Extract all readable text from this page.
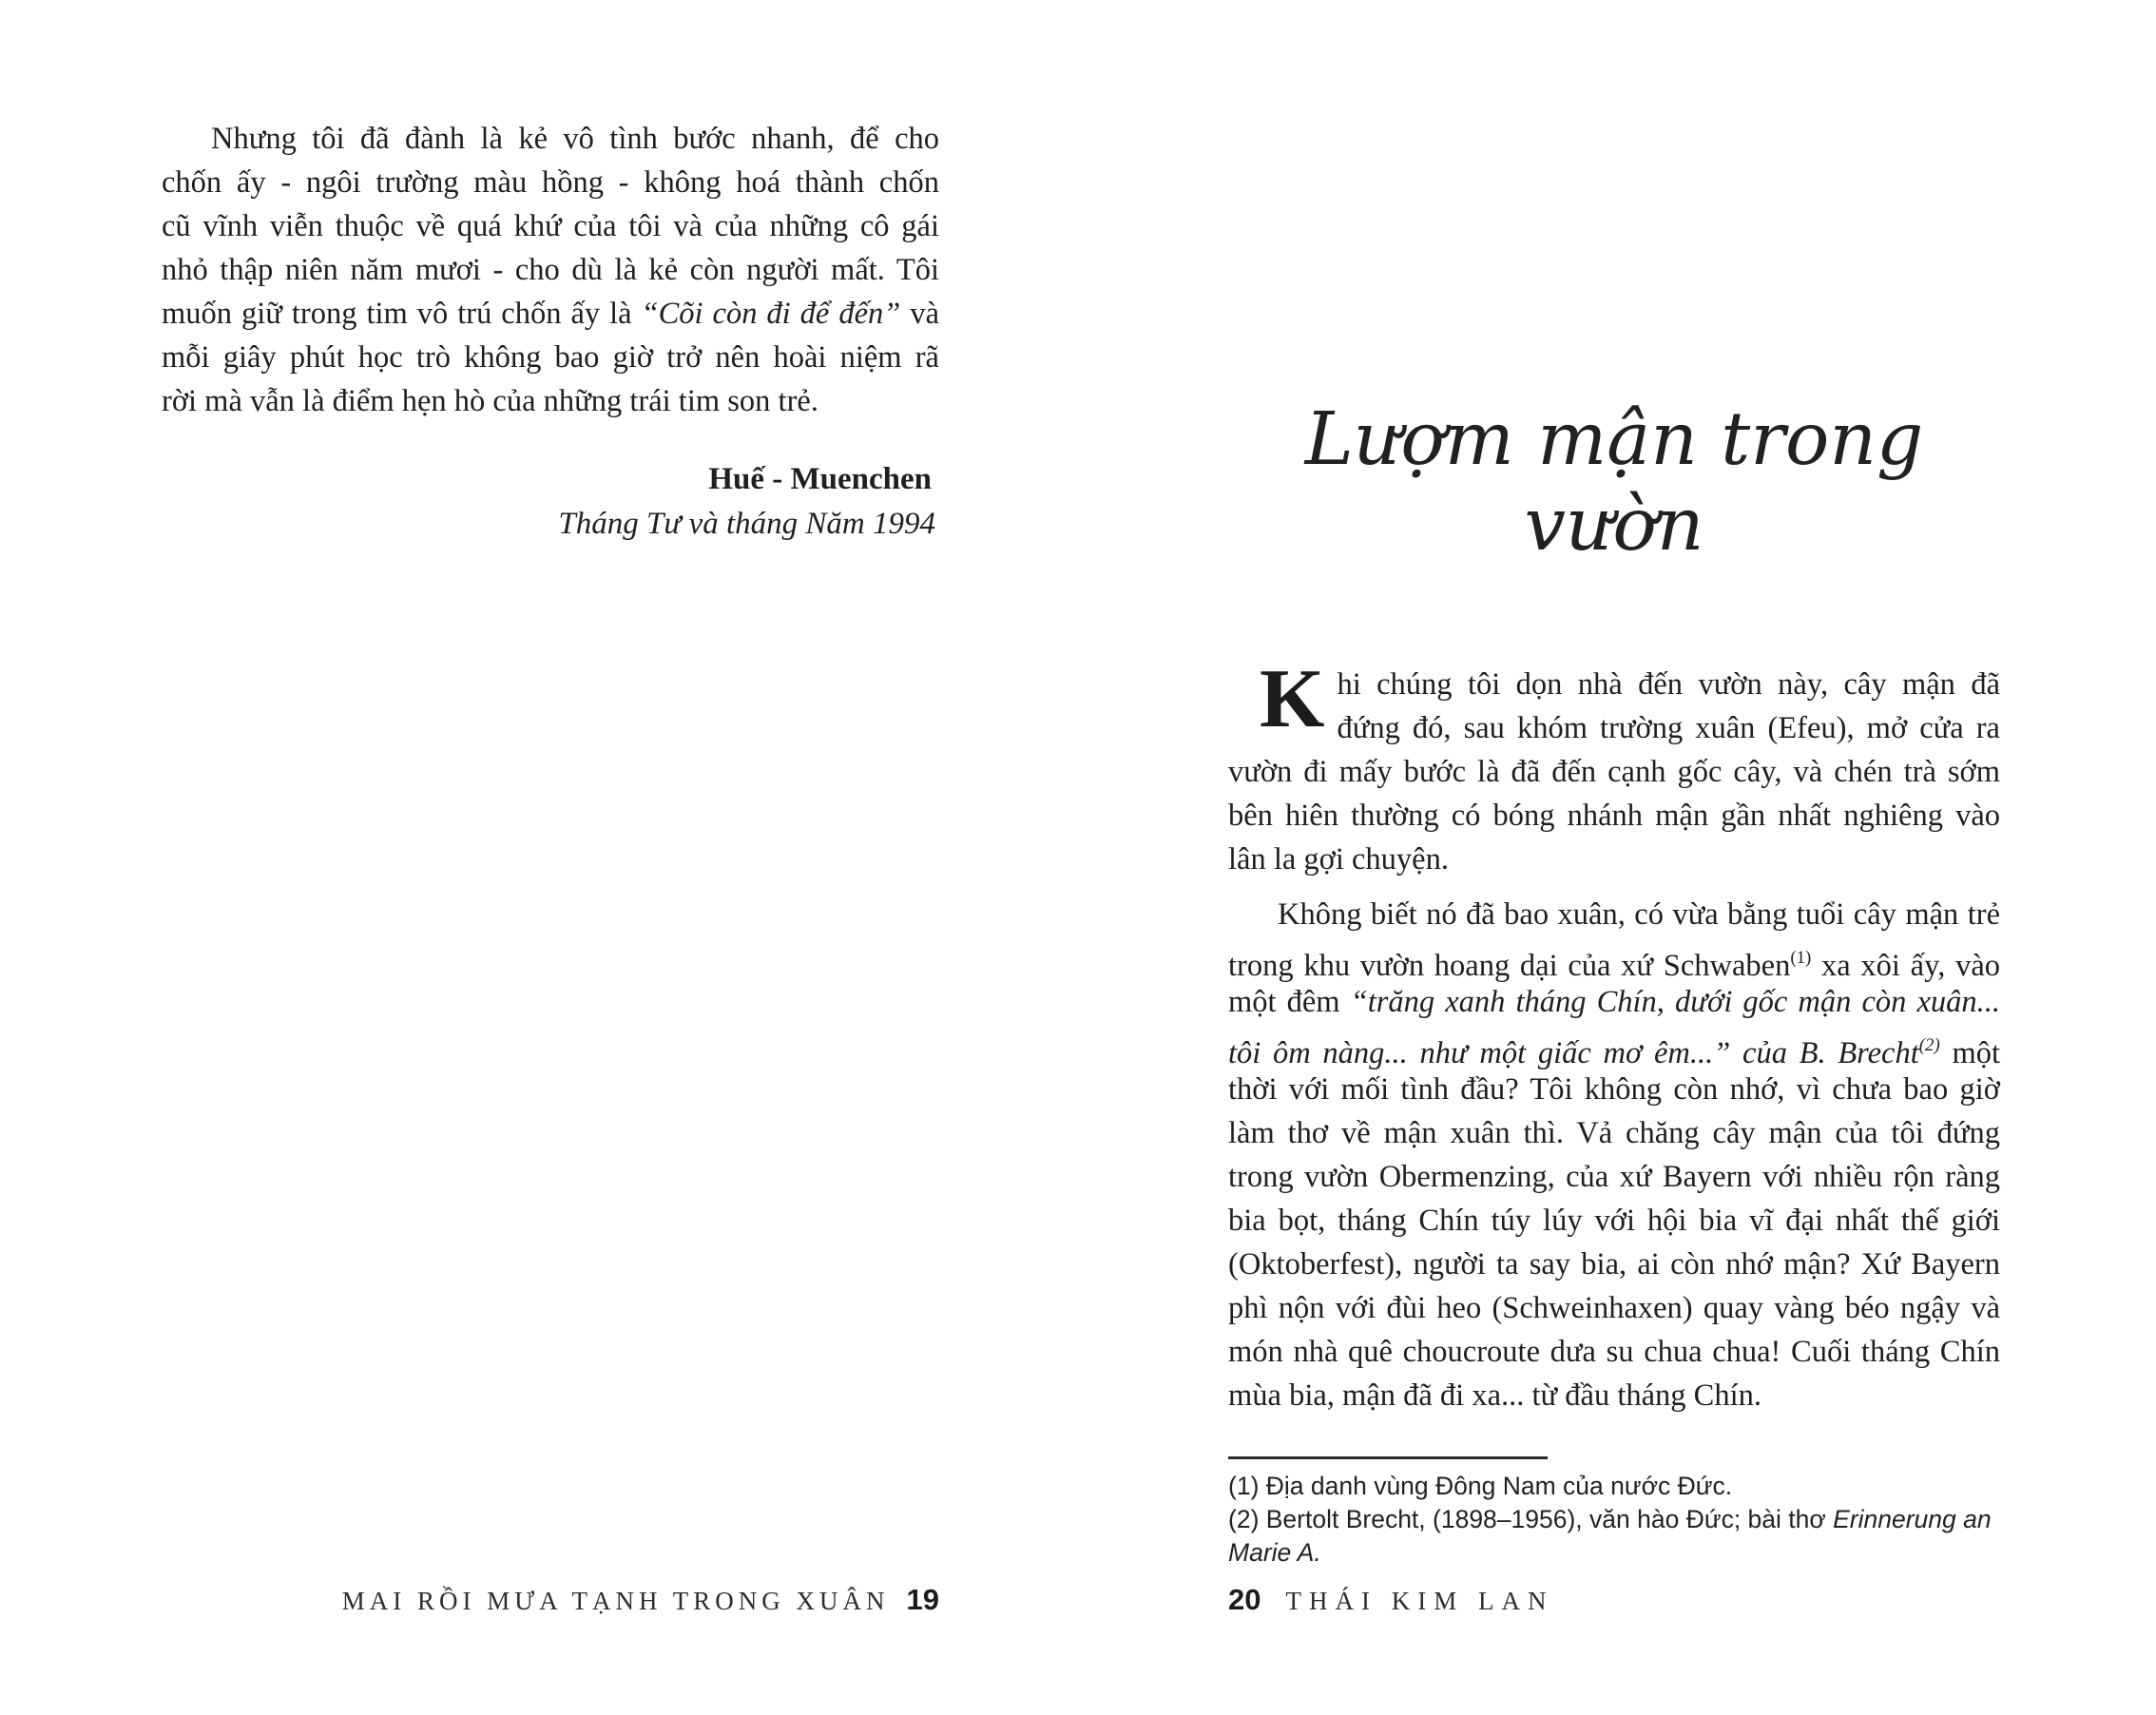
Nhưng tôi đã đành là kẻ vô tình bước nhanh, để cho
chốn ấy - ngôi trường màu hồng - không hoá thành chốn
cũ vĩnh viễn thuộc về quá khứ của tôi và của những cô gái
nhỏ thập niên năm mươi - cho dù là kẻ còn người mất. Tôi
muốn giữ trong tim vô trú chốn ấy là “Cõi còn đi để đến” và
mỗi giây phút học trò không bao giờ trở nên hoài niệm rã
rời mà vẫn là điểm hẹn hò của những trái tim son trẻ.
Huế - Muenchen
Tháng Tư và tháng Năm 1994
MAI RỒI MƯA TẠNH TRONG XUÂN 19
Lượm mận trong vườn
K hi chúng tôi dọn nhà đến vườn này, cây mận đã
đứng đó, sau khóm trường xuân (Efeu), mở cửa ra
vườn đi mấy bước là đã đến cạnh gốc cây, và chén trà sớm
bên hiên thường có bóng nhánh mận gần nhất nghiêng vào
lân la gợi chuyện.
Không biết nó đã bao xuân, có vừa bằng tuổi cây mận trẻ
trong khu vườn hoang dại của xứ Schwaben$^{(1)}$ xa xôi ấy, vào
một đêm “trăng xanh tháng Chín, dưới gốc mận còn xuân...
tôi ôm nàng... như một giấc mơ êm...” của B. Brecht$^{(2)}$ một
thời với mối tình đầu? Tôi không còn nhớ, vì chưa bao giờ
làm thơ về mận xuân thì. Vả chăng cây mận của tôi đứng
trong vườn Obermenzing, của xứ Bayern với nhiều rộn ràng
bia bọt, tháng Chín túy lúy với hội bia vĩ đại nhất thế giới
(Oktoberfest), người ta say bia, ai còn nhớ mận? Xứ Bayern
phì nộn với đùi heo (Schweinhaxen) quay vàng béo ngậy và
món nhà quê choucroute dưa su chua chua! Cuối tháng Chín
mùa bia, mận đã đi xa... từ đầu tháng Chín.
(1) Địa danh vùng Đông Nam của nước Đức.
(2) Bertolt Brecht, (1898–1956), văn hào Đức; bài thơ Erinnerung an Marie A.
20 THÁI KIM LAN
